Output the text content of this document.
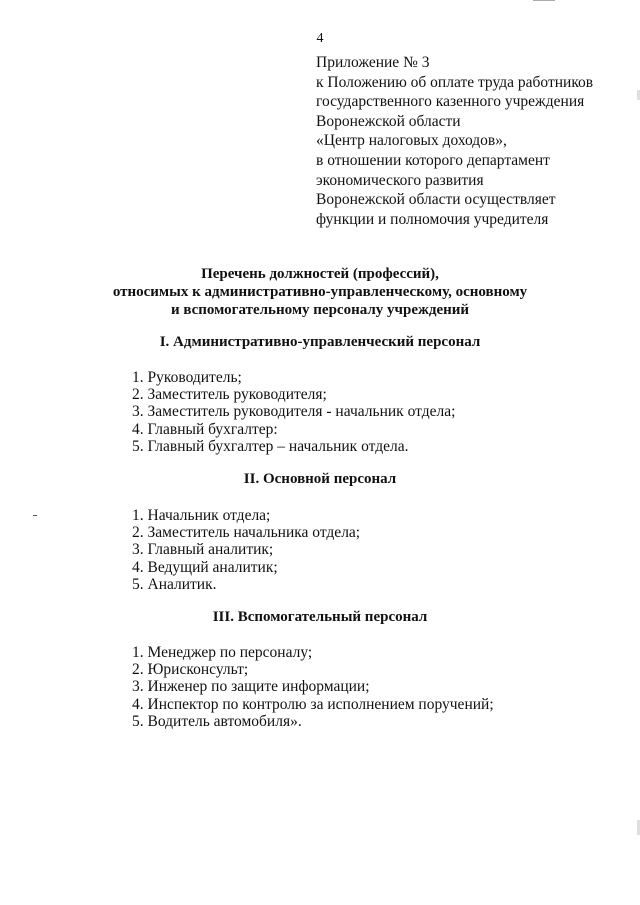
4
Приложение № 3
к Положению об оплате труда работников
государственного казенного учреждения
Воронежской области
«Центр налоговых доходов»,
в отношении которого департамент
экономического развития
Воронежской области осуществляет
функции и полномочия учредителя
Перечень должностей (профессий),
относимых к административно-управленческому, основному
и вспомогательному персоналу учреждений
I. Административно-управленческий персонал
1. Руководитель;
2. Заместитель руководителя;
3. Заместитель руководителя - начальник отдела;
4. Главный бухгалтер:
5. Главный бухгалтер – начальник отдела.
II. Основной персонал
1. Начальник отдела;
2. Заместитель начальника отдела;
3. Главный аналитик;
4. Ведущий аналитик;
5. Аналитик.
III. Вспомогательный персонал
1. Менеджер по персоналу;
2. Юрисконсульт;
3. Инженер по защите информации;
4. Инспектор по контролю за исполнением поручений;
5. Водитель автомобиля».
